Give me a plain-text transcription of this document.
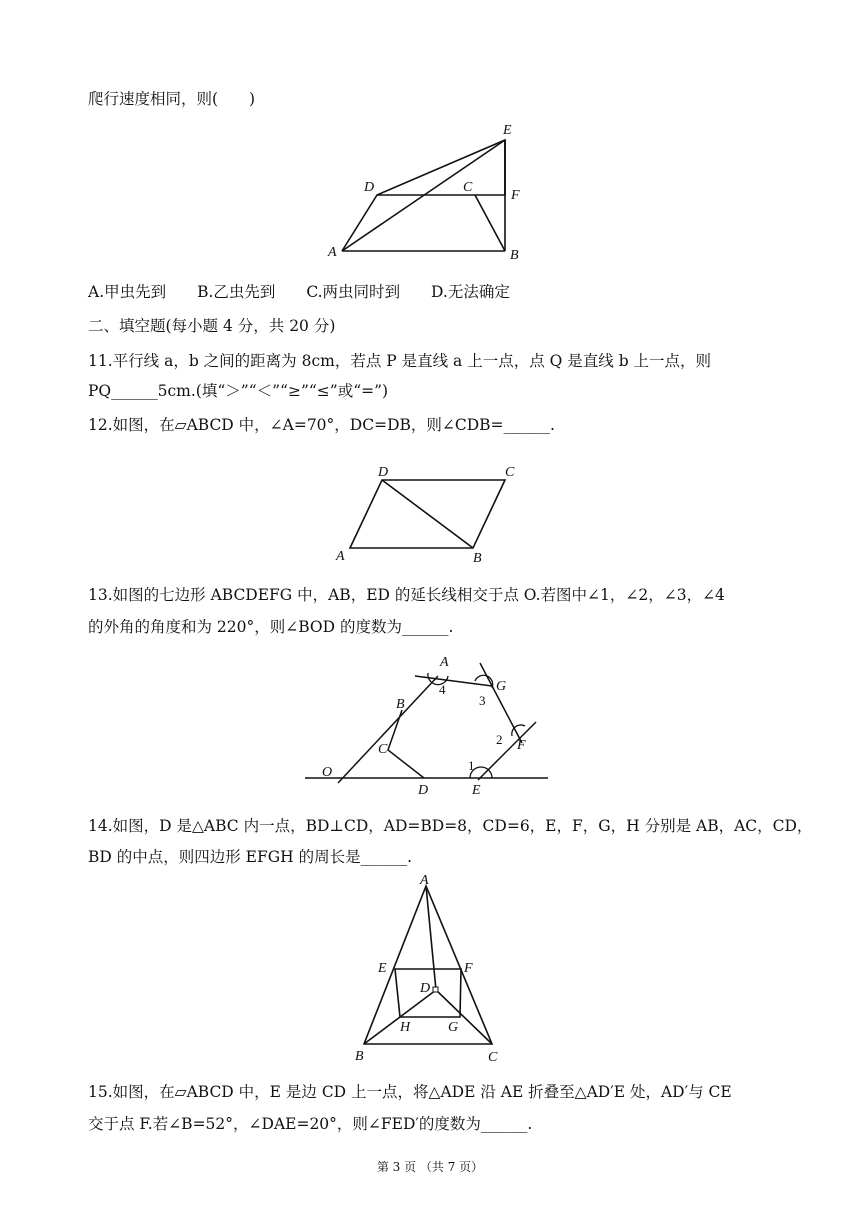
爬行速度相同，则(　　)
A	B
C
D
E
F
A.甲虫先到 B.乙虫先到 C.两虫同时到 D.无法确定
二、填空题(每小题 4 分，共 20 分)
11.平行线 a，b 之间的距离为 8cm，若点 P 是直线 a 上一点，点 Q 是直线 b 上一点，则
PQ______5cm.(填“＞”“＜”“≥”“≤”或“=”)
12.如图，在▱ABCD 中，∠A=70°，DC=DB，则∠CDB=______.
A	B
C
D
13.如图的七边形 ABCDEFG 中，AB，ED 的延长线相交于点 O.若图中∠1，∠2，∠3，∠4
的外角的角度和为 220°，则∠BOD 的度数为______.
A
B
C
D	E
F
G
O	1
2
3
4
14.如图，D 是△ABC 内一点，BD⊥CD，AD=BD=8，CD=6，E，F，G，H 分别是 AB，AC，CD，
BD 的中点，则四边形 EFGH 的周长是______.
A
B	C
D
E	F
G
H
15.如图，在▱ABCD 中，E 是边 CD 上一点，将△ADE 沿 AE 折叠至△AD′E 处，AD′与 CE
交于点 F.若∠B=52°，∠DAE=20°，则∠FED′的度数为______.
第 3 页 （共 7 页）
